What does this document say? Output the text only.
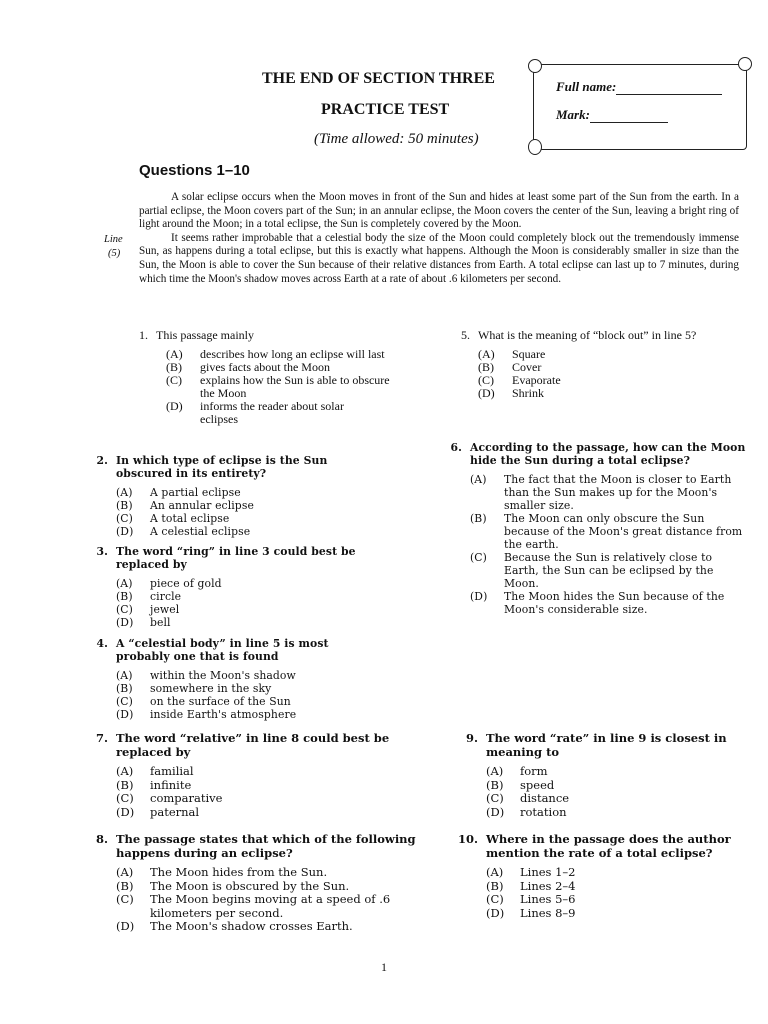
THE END OF SECTION THREE
PRACTICE TEST
(Time allowed: 50 minutes)
Full name:
Mark:
Questions 1–10

A solar eclipse occurs when the Moon moves in front of the Sun and hides at least some part of the Sun from the earth. In a partial eclipse, the Moon covers part of the Sun; in an annular eclipse, the Moon covers the center of the Sun, leaving a bright ring of light around the Moon; in a total eclipse, the Sun is completely covered by the Moon.

It seems rather improbable that a celestial body the size of the Moon could completely block out the tremendously immense Sun, as happens during a total eclipse, but this is exactly what happens. Although the Moon is considerably smaller in size than the Sun, the Moon is able to cover the Sun because of their relative distances from Earth. A total eclipse can last up to 7 minutes, during which time the Moon's shadow moves across Earth at a rate of about .6 kilometers per second.

Line
(5)
1. This passage mainly
(A)	describes how long an eclipse will last
(B)	gives facts about the Moon
(C)	explains how the Sun is able to obscure the Moon
(D)	informs the reader about solar eclipses
5. What is the meaning of “block out” in line 5?
(A)	Square
(B)	Cover
(C)	Evaporate
(D)	Shrink
2. In which type of eclipse is the Sun obscured in its entirety?
(A)	A partial eclipse
(B)	An annular eclipse
(C)	A total eclipse
(D)	A celestial eclipse
6. According to the passage, how can the Moon hide the Sun during a total eclipse?
(A)	The fact that the Moon is closer to Earth than the Sun makes up for the Moon's smaller size.
(B)	The Moon can only obscure the Sun because of the Moon's great distance from the earth.
(C)	Because the Sun is relatively close to Earth, the Sun can be eclipsed by the Moon.
(D)	The Moon hides the Sun because of the Moon's considerable size.
3. The word “ring” in line 3 could best be replaced by
(A)	piece of gold
(B)	circle
(C)	jewel
(D)	bell
4. A “celestial body” in line 5 is most probably one that is found
(A)	within the Moon's shadow
(B)	somewhere in the sky
(C)	on the surface of the Sun
(D)	inside Earth's atmosphere
7. The word “relative” in line 8 could best be replaced by
(A)	familial
(B)	infinite
(C)	comparative
(D)	paternal
9. The word “rate” in line 9 is closest in meaning to
(A)	form
(B)	speed
(C)	distance
(D)	rotation
8. The passage states that which of the following happens during an eclipse?
(A)	The Moon hides from the Sun.
(B)	The Moon is obscured by the Sun.
(C)	The Moon begins moving at a speed of .6 kilometers per second.
(D)	The Moon's shadow crosses Earth.
10. Where in the passage does the author mention the rate of a total eclipse?
(A)	Lines 1–2
(B)	Lines 2–4
(C)	Lines 5–6
(D)	Lines 8–9
1
